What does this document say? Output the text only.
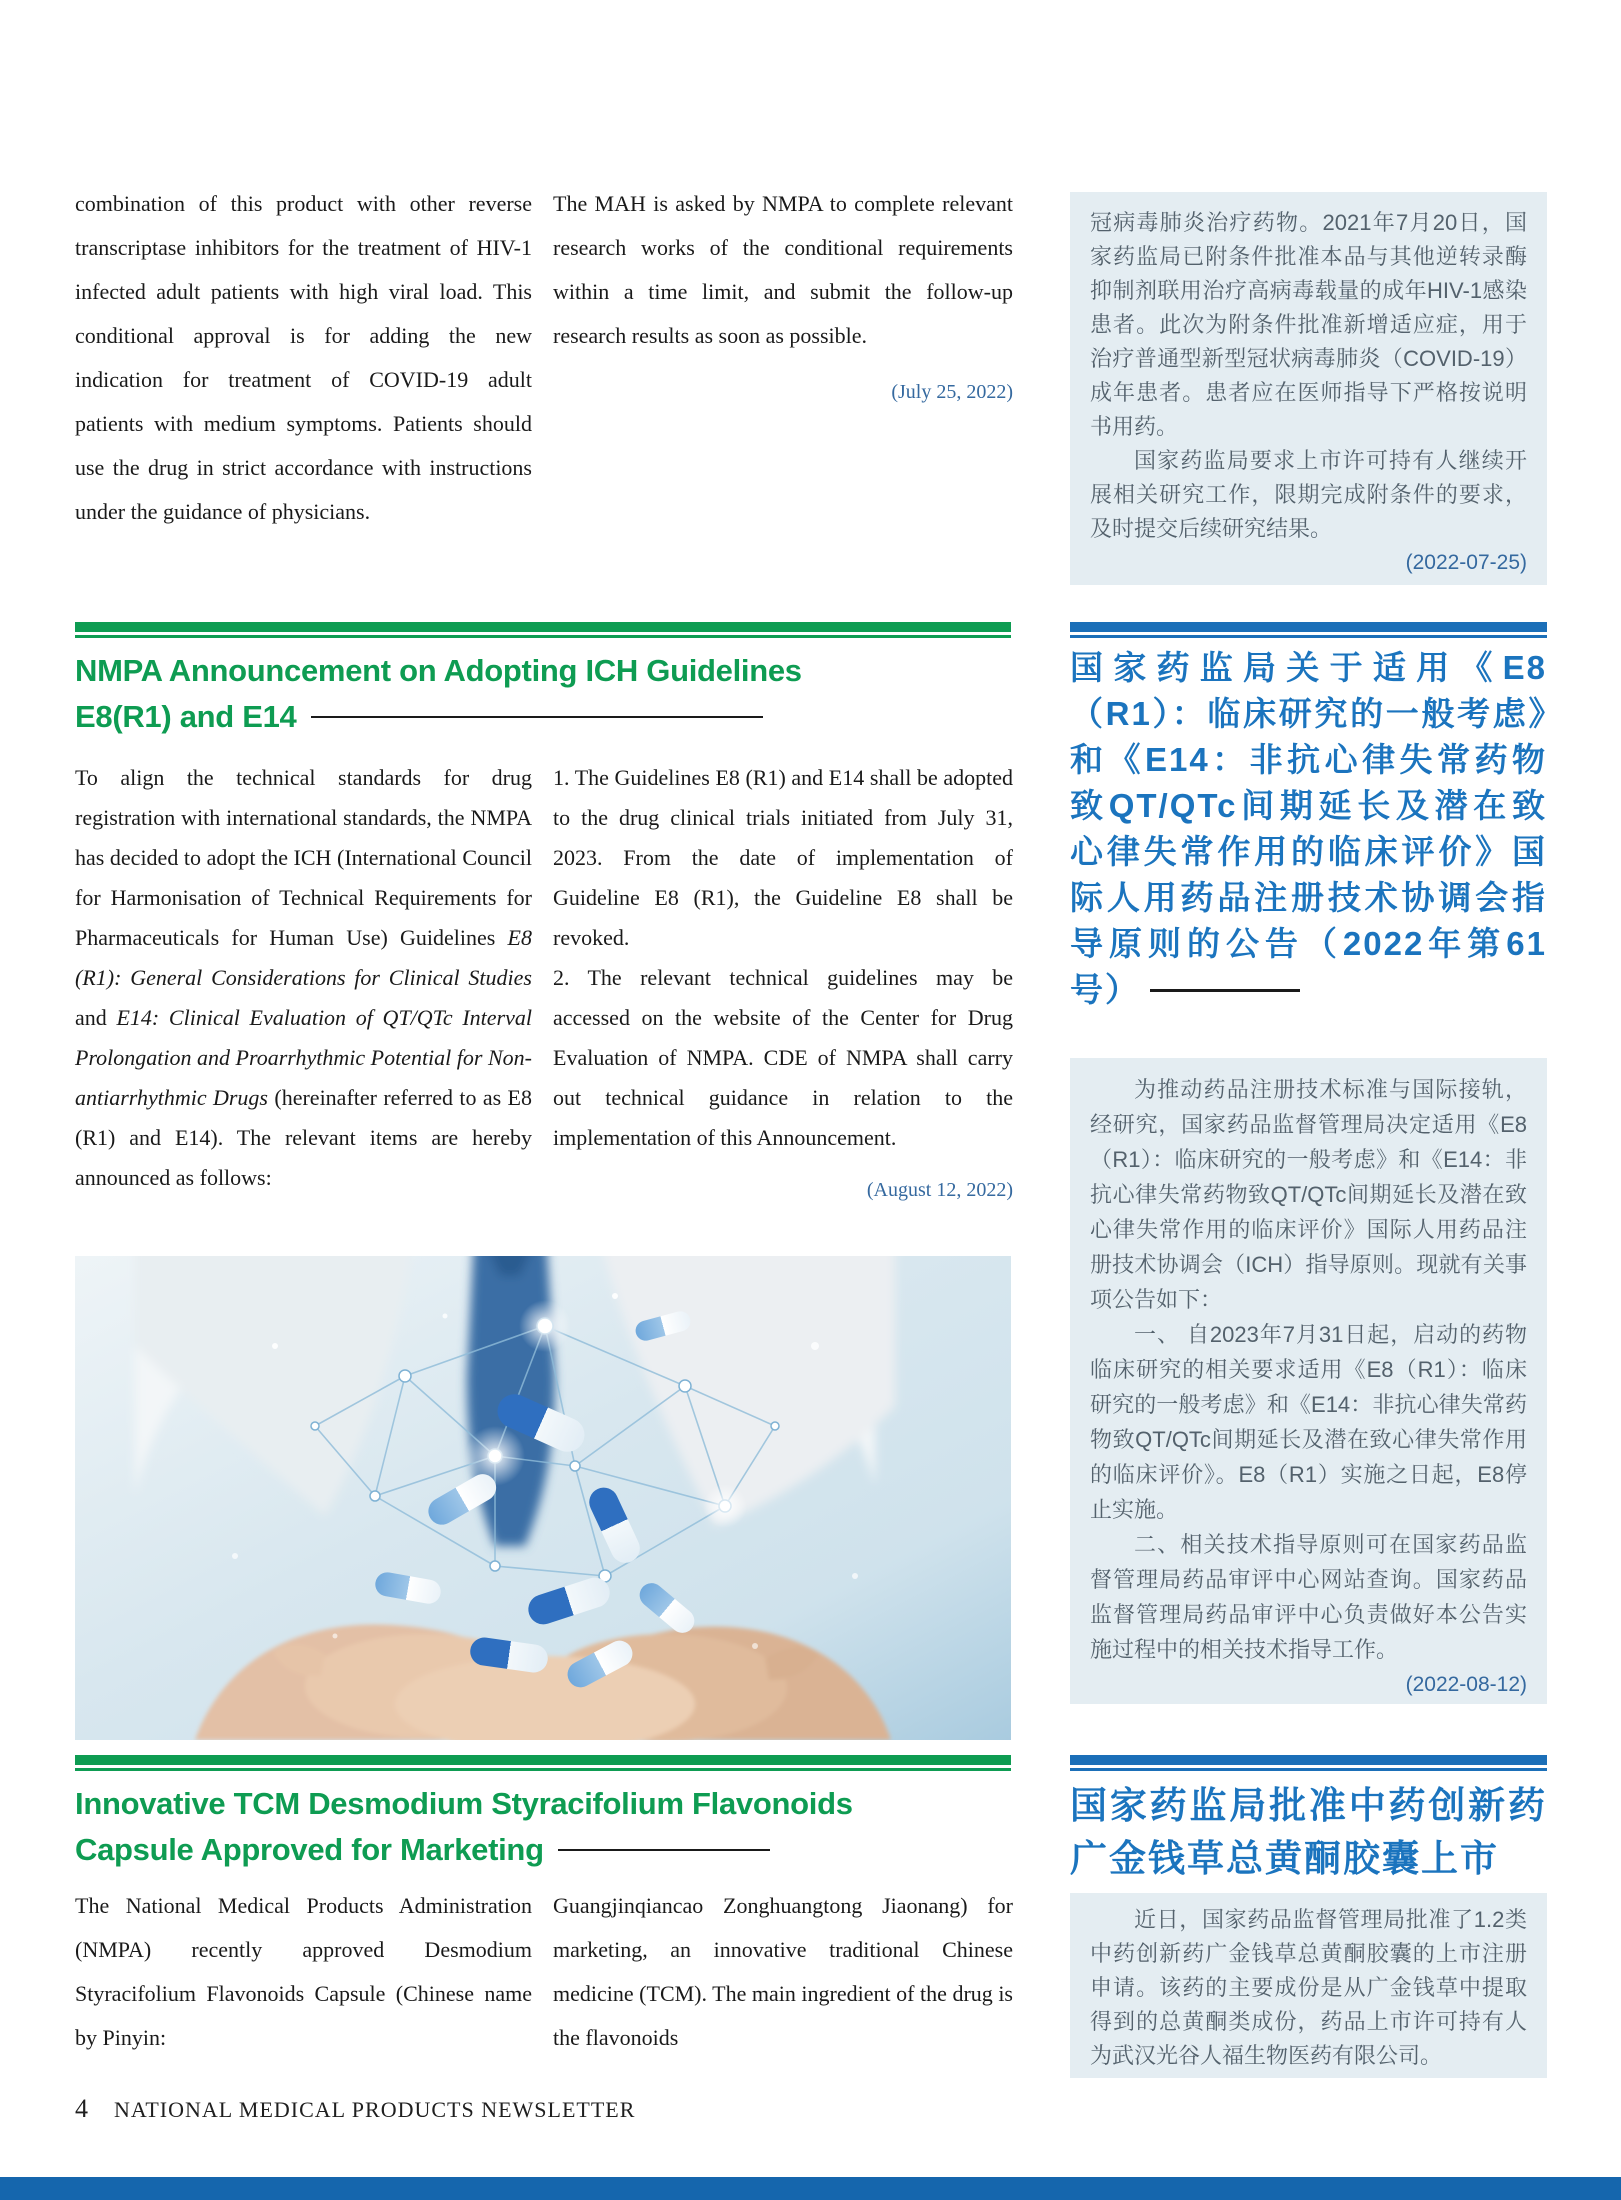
combination of this product with other reverse transcriptase inhibitors for the treatment of HIV-1 infected adult patients with high viral load. This conditional approval is for adding the new indication for treatment of COVID-19 adult patients with medium symptoms. Patients should use the drug in strict accordance with instructions under the guidance of physicians.

The MAH is asked by NMPA to complete relevant research works of the conditional requirements within a time limit, and submit the follow-up research results as soon as possible.

(July 25, 2022)

冠病毒肺炎治疗药物。2021年7月20日，国家药监局已附条件批准本品与其他逆转录酶抑制剂联用治疗高病毒载量的成年HIV-1感染患者。此次为附条件批准新增适应症，用于治疗普通型新型冠状病毒肺炎（COVID-19）成年患者。患者应在医师指导下严格按说明书用药。

国家药监局要求上市许可持有人继续开展相关研究工作，限期完成附条件的要求，及时提交后续研究结果。

(2022-07-25)

NMPA Announcement on Adopting ICH Guidelines
E8(R1) and E14

To align the technical standards for drug registration with international standards, the NMPA has decided to adopt the ICH (International Council for Harmonisation of Technical Requirements for Pharmaceuticals for Human Use) Guidelines E8 (R1): General Considerations for Clinical Studies and E14: Clinical Evaluation of QT/QTc Interval Prolongation and Proarrhythmic Potential for Non-antiarrhythmic Drugs (hereinafter referred to as E8 (R1) and E14). The relevant items are hereby announced as follows:

1. The Guidelines E8 (R1) and E14 shall be adopted to the drug clinical trials initiated from July 31, 2023. From the date of implementation of Guideline E8 (R1), the Guideline E8 shall be revoked.

2. The relevant technical guidelines may be accessed on the website of the Center for Drug Evaluation of NMPA. CDE of NMPA shall carry out technical guidance in relation to the implementation of this Announcement.

(August 12, 2022)
国家药监局关于适用《E8（R1）：临床研究的一般考虑》和《E14：非抗心律失常药物致QT/QTc间期延长及潜在致心律失常作用的临床评价》国际人用药品注册技术协调会指导原则的公告（2022年第61号）

为推动药品注册技术标准与国际接轨，经研究，国家药品监督管理局决定适用《E8（R1）：临床研究的一般考虑》和《E14：非抗心律失常药物致QT/QTc间期延长及潜在致心律失常作用的临床评价》国际人用药品注册技术协调会（ICH）指导原则。现就有关事项公告如下：

一、 自2023年7月31日起，启动的药物临床研究的相关要求适用《E8（R1）：临床研究的一般考虑》和《E14：非抗心律失常药物致QT/QTc间期延长及潜在致心律失常作用的临床评价》。E8（R1）实施之日起，E8停止实施。

二、相关技术指导原则可在国家药品监督管理局药品审评中心网站查询。国家药品监督管理局药品审评中心负责做好本公告实施过程中的相关技术指导工作。

(2022-08-12)

Innovative TCM Desmodium Styracifolium Flavonoids
Capsule Approved for Marketing

The National Medical Products Administration (NMPA) recently approved Desmodium Styracifolium Flavonoids Capsule (Chinese name by Pinyin:

Guangjinqiancao Zonghuangtong Jiaonang) for marketing, an innovative traditional Chinese medicine (TCM). The main ingredient of the drug is the flavonoids

国家药监局批准中药创新药广金钱草总黄酮胶囊上市

近日，国家药品监督管理局批准了1.2类中药创新药广金钱草总黄酮胶囊的上市注册申请。该药的主要成份是从广金钱草中提取得到的总黄酮类成份，药品上市许可持有人为武汉光谷人福生物医药有限公司。

4 NATIONAL MEDICAL PRODUCTS NEWSLETTER
